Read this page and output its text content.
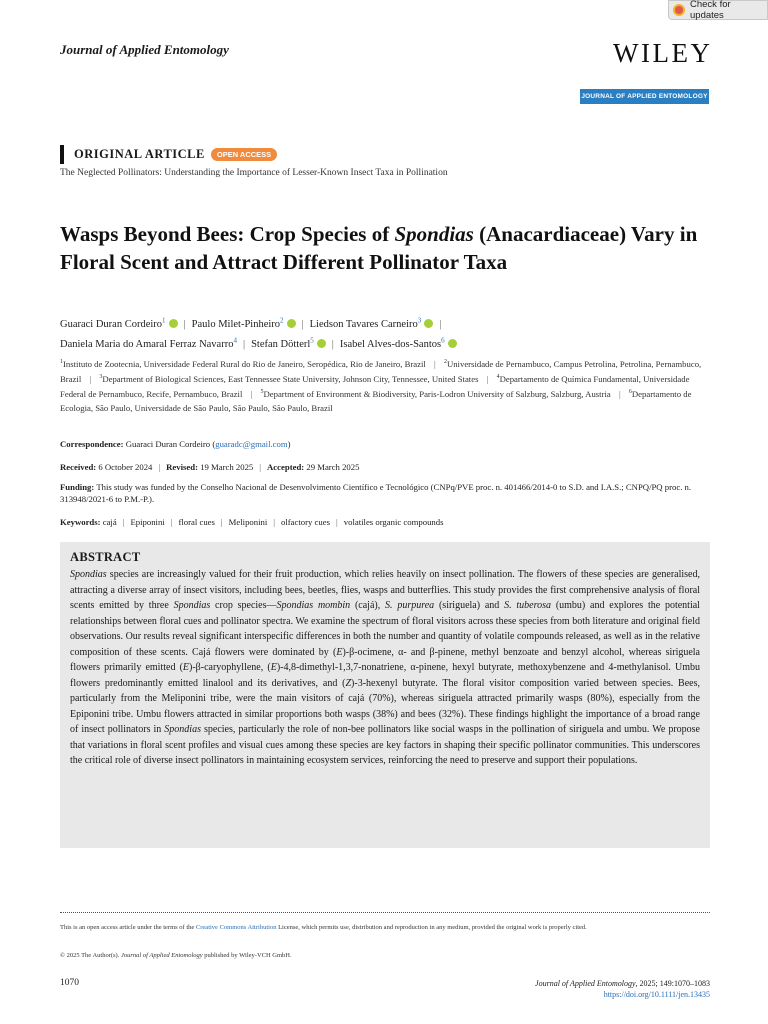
Check for updates
Journal of Applied Entomology	WILEY
JOURNAL OF APPLIED ENTOMOLOGY
ORIGINAL ARTICLE	OPEN ACCESS
The Neglected Pollinators: Understanding the Importance of Lesser-Known Insect Taxa in Pollination
Wasps Beyond Bees: Crop Species of Spondias (Anacardiaceae) Vary in Floral Scent and Attract Different Pollinator Taxa
Guaraci Duran Cordeiro$^1$ | Paulo Milet-Pinheiro$^2$ | Liedson Tavares Carneiro$^3$ |
Daniela Maria do Amaral Ferraz Navarro$^4$ | Stefan Dötterl$^5$ | Isabel Alves-dos-Santos$^6$
$^1$Instituto de Zootecnia, Universidade Federal Rural do Rio de Janeiro, Seropédica, Rio de Janeiro, Brazil | $^2$Universidade de Pernambuco, Campus Petrolina, Petrolina, Pernambuco, Brazil | $^3$Department of Biological Sciences, East Tennessee State University, Johnson City, Tennessee, United States | $^4$Departamento de Química Fundamental, Universidade Federal de Pernambuco, Recife, Pernambuco, Brazil | $^5$Department of Environment & Biodiversity, Paris-Lodron University of Salzburg, Salzburg, Austria | $^6$Departamento de Ecologia, São Paulo, Universidade de São Paulo, São Paulo, São Paulo, Brazil
Correspondence: Guaraci Duran Cordeiro (guaradc@gmail.com)
Received: 6 October 2024 | Revised: 19 March 2025 | Accepted: 29 March 2025
Funding: This study was funded by the Conselho Nacional de Desenvolvimento Científico e Tecnológico (CNPq/PVE proc. n. 401466/2014-0 to S.D. and I.A.S.; CNPQ/PQ proc. n. 313948/2021-6 to P.M.-P.).
Keywords: cajá | Epiponini | floral cues | Meliponini | olfactory cues | volatiles organic compounds
ABSTRACT

Spondias species are increasingly valued for their fruit production, which relies heavily on insect pollination. The flowers of these species are generalised, attracting a diverse array of insect visitors, including bees, beetles, flies, wasps and butterflies. This study provides the first comprehensive analysis of floral scents emitted by three Spondias crop species—Spondias mombin (cajá), S. purpurea (siriguela) and S. tuberosa (umbu) and explores the potential relationships between floral cues and pollinator spectra. We examine the spectrum of floral visitors across these species from both literature and original field observations. Our results reveal significant interspecific differences in both the number and quantity of volatile compounds released, as well as in the relative composition of these scents. Cajá flowers were dominated by (E)-β-ocimene, α- and β-pinene, methyl benzoate and benzyl alcohol, whereas siriguela flowers primarily emitted (E)-β-caryophyllene, (E)-4,8-dimethyl-1,3,7-nonatriene, α-pinene, hexyl butyrate, methoxybenzene and 4-methylanisol. Umbu flowers predominantly emitted linalool and its derivatives, and (Z)-3-hexenyl butyrate. The floral visitor composition varied between species. Bees, particularly from the Meliponini tribe, were the main visitors of cajá (70%), whereas siriguela attracted primarily wasps (80%), especially from the Epiponini tribe. Umbu flowers attracted in similar proportions both wasps (38%) and bees (32%). These findings highlight the importance of a broad range of insect pollinators in Spondias species, particularly the role of non-bee pollinators like social wasps in the pollination of siriguela and umbu. We propose that variations in floral scent profiles and visual cues among these species are key factors in shaping their specific pollinator communities. This underscores the critical role of diverse insect pollinators in maintaining ecosystem services, reinforcing the need to preserve and support their populations.

This is an open access article under the terms of the Creative Commons Attribution License, which permits use, distribution and reproduction in any medium, provided the original work is properly cited.
© 2025 The Author(s). Journal of Applied Entomology published by Wiley-VCH GmbH.
1070	Journal of Applied Entomology, 2025; 149:1070–1083
https://doi.org/10.1111/jen.13435
